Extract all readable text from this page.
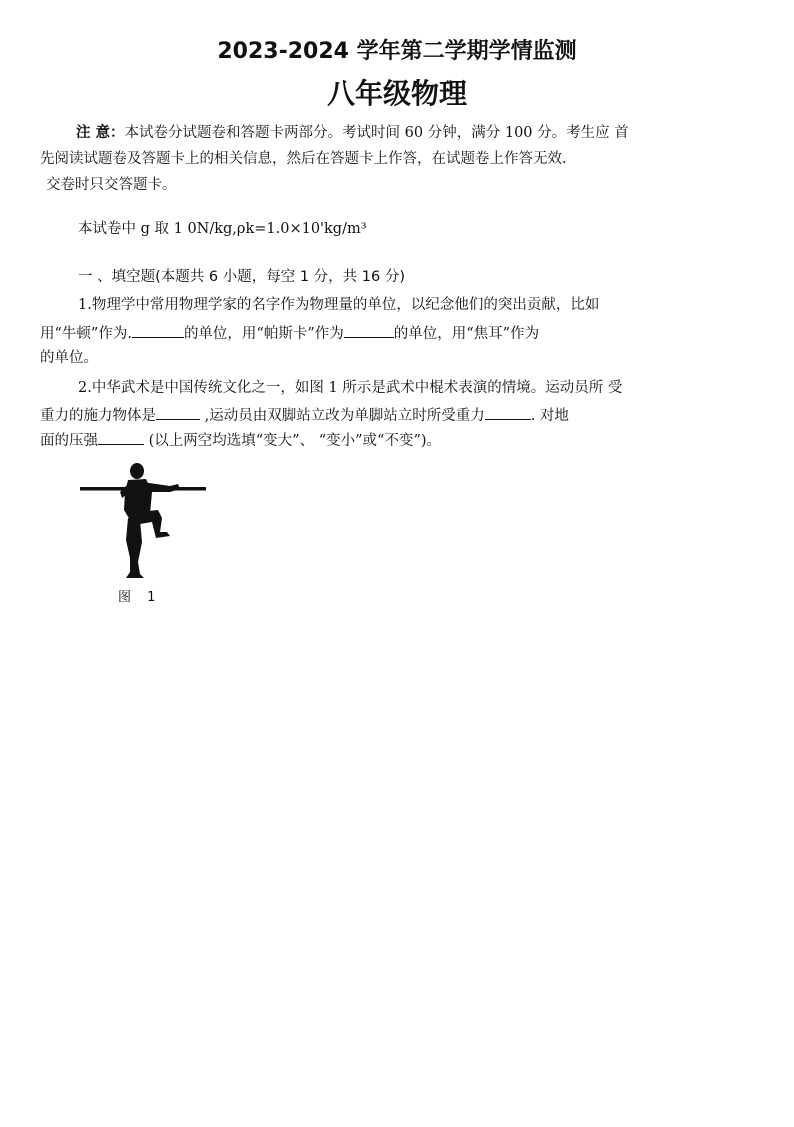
2023-2024 学年第二学期学情监测
八年级物理
注 意：本试卷分试题卷和答题卡两部分。考试时间 60 分钟，满分 100 分。考生应 首
先阅读试题卷及答题卡上的相关信息，然后在答题卡上作答，在试题卷上作答无效.
交卷时只交答题卡。
本试卷中 g 取 1 0N/kg,ρk=1.0×10'kg/m³
一 、填空题(本题共 6 小题，每空 1 分，共 16 分)
1.物理学中常用物理学家的名字作为物理量的单位，以纪念他们的突出贡献，比如
用“牛顿”作为.	的单位，用“帕斯卡”作为	的单位，用“焦耳”作为
的单位。
2.中华武术是中国传统文化之一，如图 1 所示是武术中棍术表演的情境。运动员所 受
重力的施力物体是	,运动员由双脚站立改为单脚站立时所受重力	. 对地
面的压强	(以上两空均选填“变大”、 “变小”或“不变”)。
图 1
